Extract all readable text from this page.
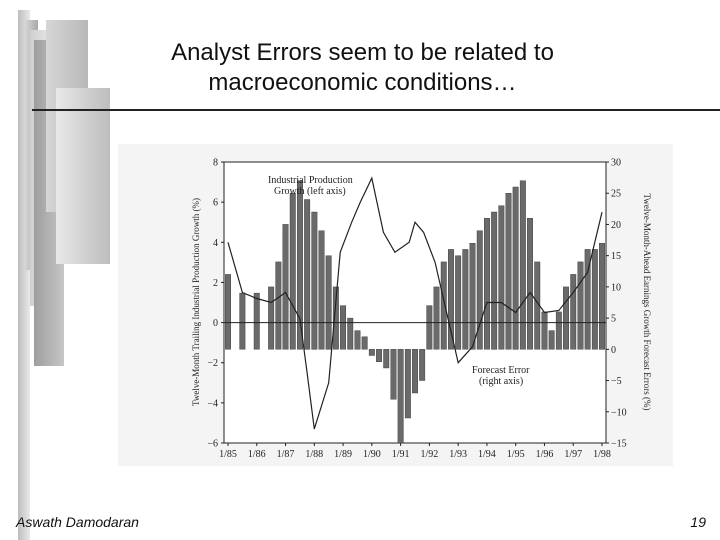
Analyst Errors seem to be related to
macroeconomic conditions…
8
6
4
2
0
−2
−4
−6
30
25
20
15
10
5
0
−5
−10
−15
1/85 1/86 1/87 1/88 1/89 1/90 1/91 1/92 1/93 1/94 1/95 1/96 1/97 1/98
Twelve-Month Trailing Industrial Production Growth (%)	Twelve-Month-Ahead Earnings Growth Forecast Errors (%)
Industrial Production
Growth (left axis)
Forecast Error
(right axis)
Aswath Damodaran	19
